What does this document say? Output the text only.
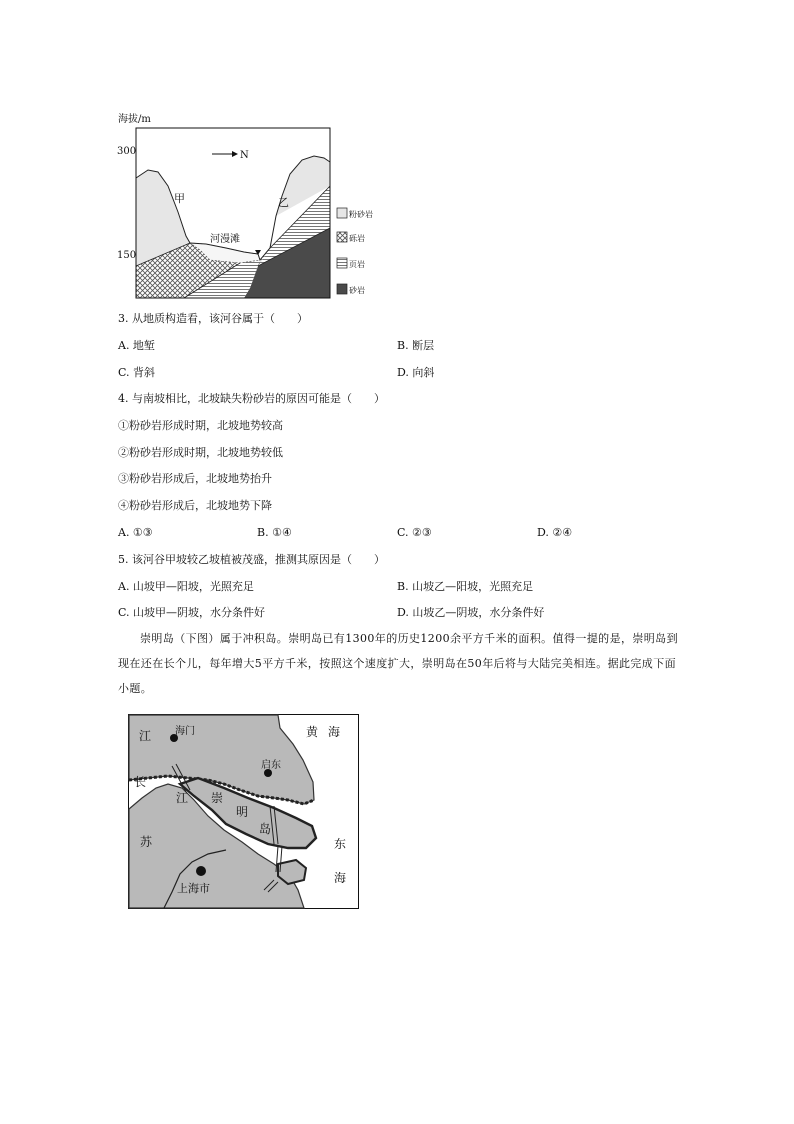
海拔/m
300
150
N
甲	乙
河漫滩
粉砂岩
砾岩
页岩
砂岩
3. 从地质构造看，该河谷属于（　　）
A. 地堑	B. 断层
C. 背斜	D. 向斜
4. 与南坡相比，北坡缺失粉砂岩的原因可能是（　　）
①粉砂岩形成时期，北坡地势较高
②粉砂岩形成时期，北坡地势较低
③粉砂岩形成后，北坡地势抬升
④粉砂岩形成后，北坡地势下降
A. ①③	B. ①④	C. ②③	D. ②④
5. 该河谷甲坡较乙坡植被茂盛，推测其原因是（　　）
A. 山坡甲—阳坡，光照充足	B. 山坡乙—阳坡，光照充足
C. 山坡甲—阴坡，水分条件好	D. 山坡乙—阴坡，水分条件好
崇明岛（下图）属于冲积岛。崇明岛已有1300年的历史1200余平方千米的面积。值得一提的是，崇明岛到现在还在长个儿，每年增大5平方千米，按照这个速度扩大，崇明岛在50年后将与大陆完美相连。据此完成下面小题。
江	黄 海
海门
启东
长
江 崇
明
岛
苏	东
海
上海市
